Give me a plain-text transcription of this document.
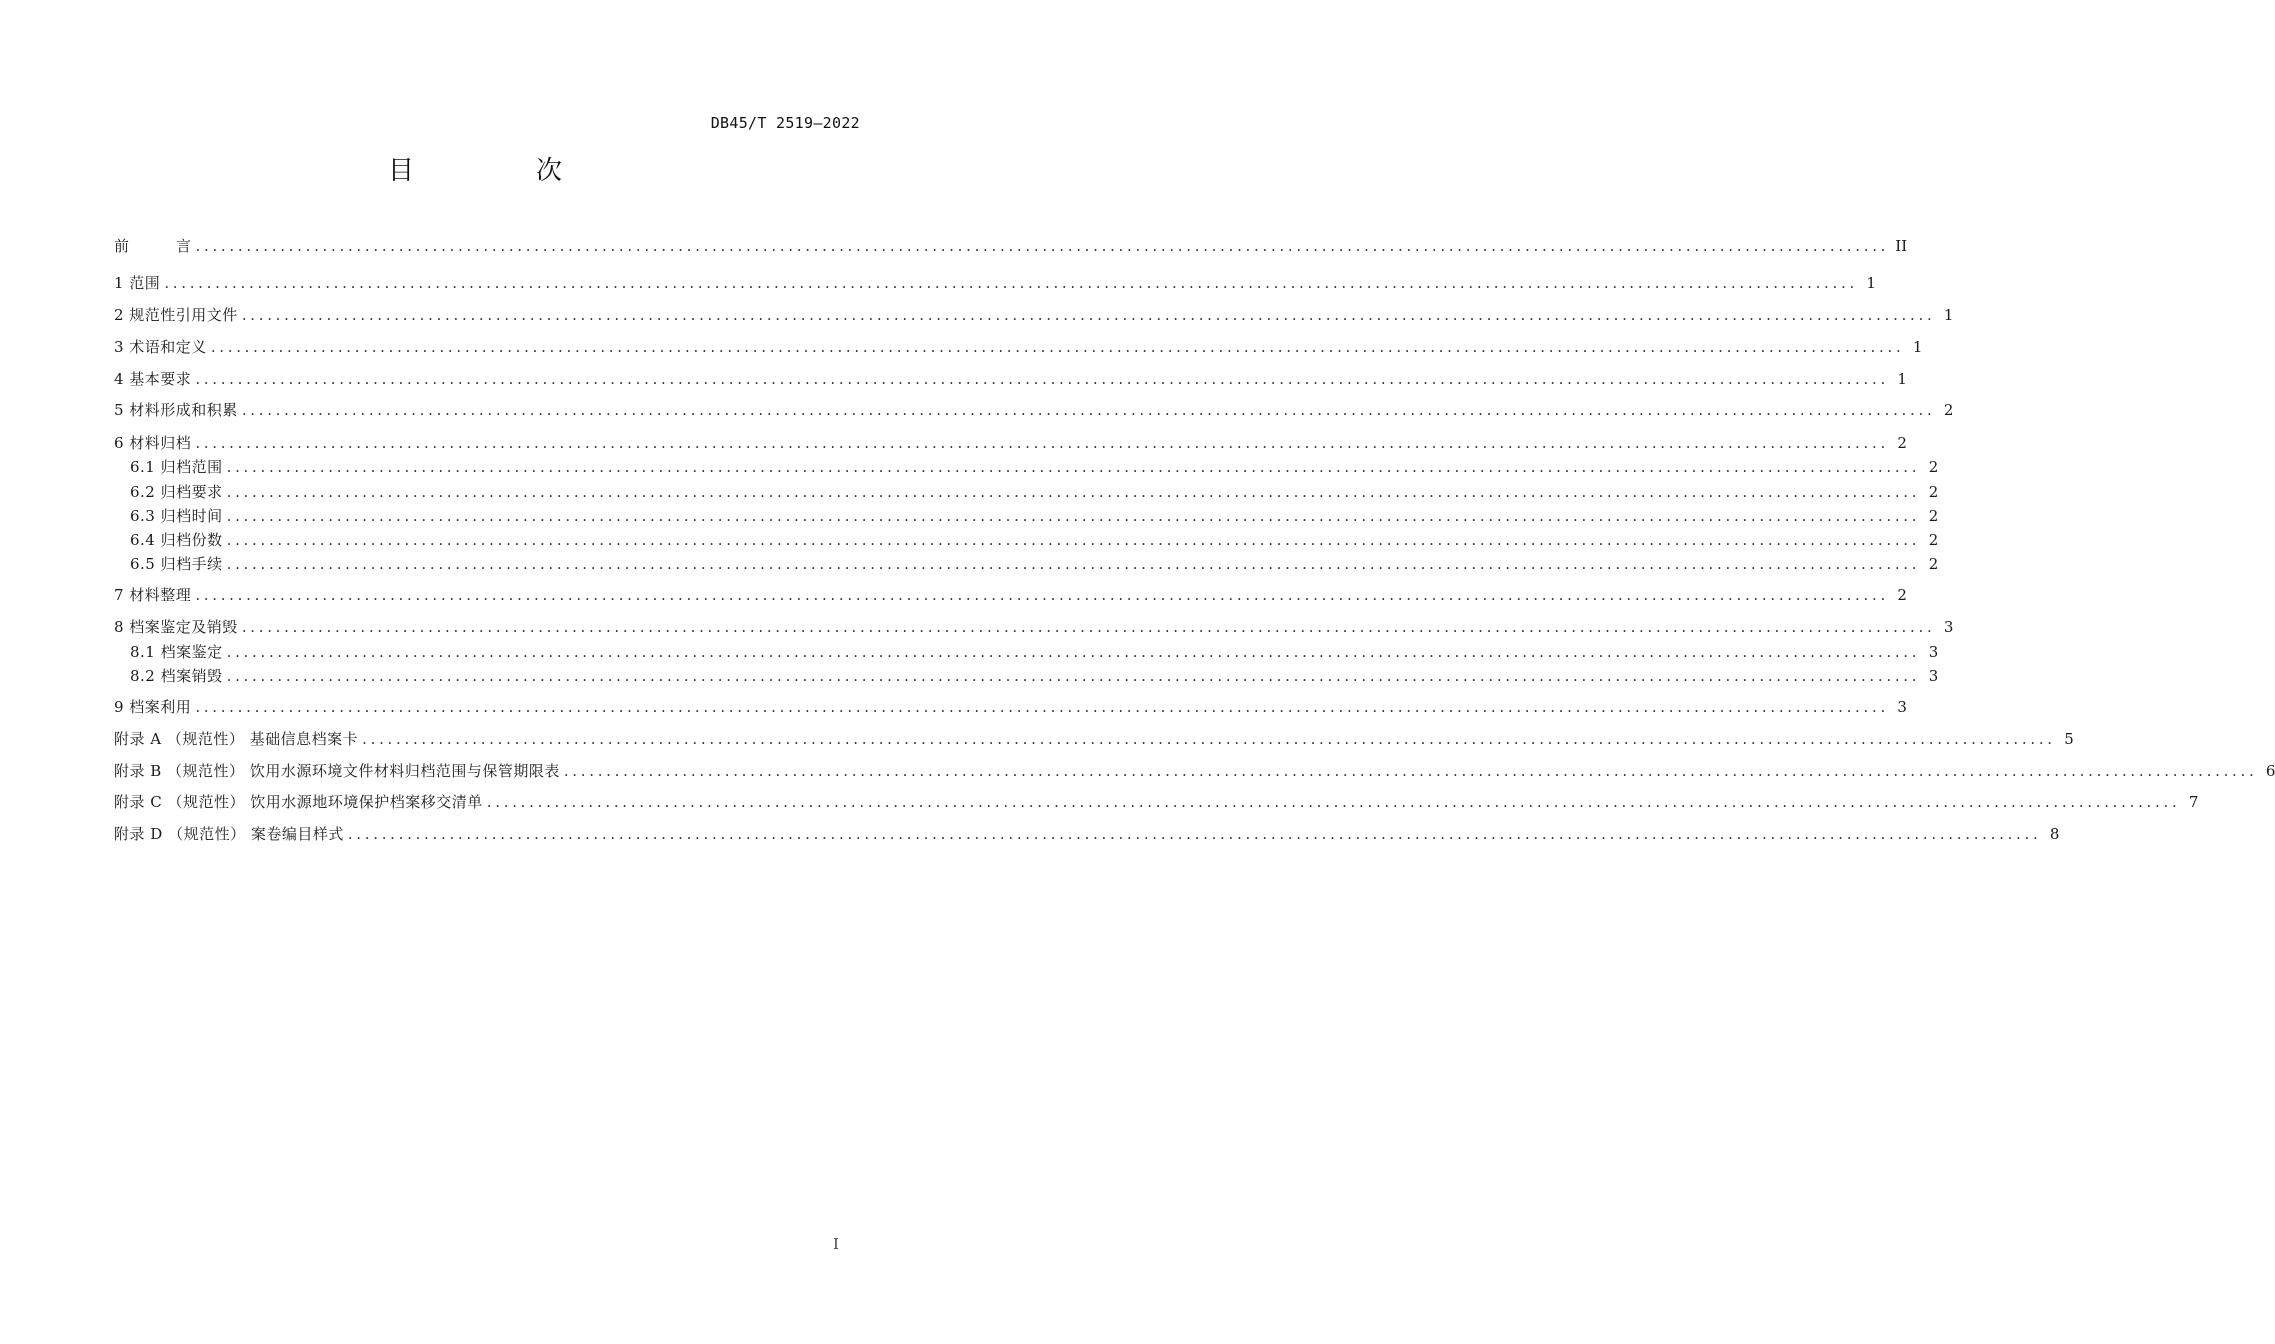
DB45/T 2519—2022
目　次
前　　　言 ........................................................................................................................................................................................................ II
1 范围 ........................................................................................................................................................................................................ 1
2 规范性引用文件 ........................................................................................................................................................................................................ 1
3 术语和定义 ........................................................................................................................................................................................................ 1
4 基本要求 ........................................................................................................................................................................................................ 1
5 材料形成和积累 ........................................................................................................................................................................................................ 2
6 材料归档 ........................................................................................................................................................................................................ 2
6.1 归档范围 ........................................................................................................................................................................................................ 2
6.2 归档要求 ........................................................................................................................................................................................................ 2
6.3 归档时间 ........................................................................................................................................................................................................ 2
6.4 归档份数 ........................................................................................................................................................................................................ 2
6.5 归档手续 ........................................................................................................................................................................................................ 2
7 材料整理 ........................................................................................................................................................................................................ 2
8 档案鉴定及销毁 ........................................................................................................................................................................................................ 3
8.1 档案鉴定 ........................................................................................................................................................................................................ 3
8.2 档案销毁 ........................................................................................................................................................................................................ 3
9 档案利用 ........................................................................................................................................................................................................ 3
附录 A （规范性） 基础信息档案卡 ........................................................................................................................................................................................................ 5
附录 B （规范性） 饮用水源环境文件材料归档范围与保管期限表 ........................................................................................................................................................................................................ 6
附录 C （规范性） 饮用水源地环境保护档案移交清单 ........................................................................................................................................................................................................ 7
附录 D （规范性） 案卷编目样式 ........................................................................................................................................................................................................ 8
I
